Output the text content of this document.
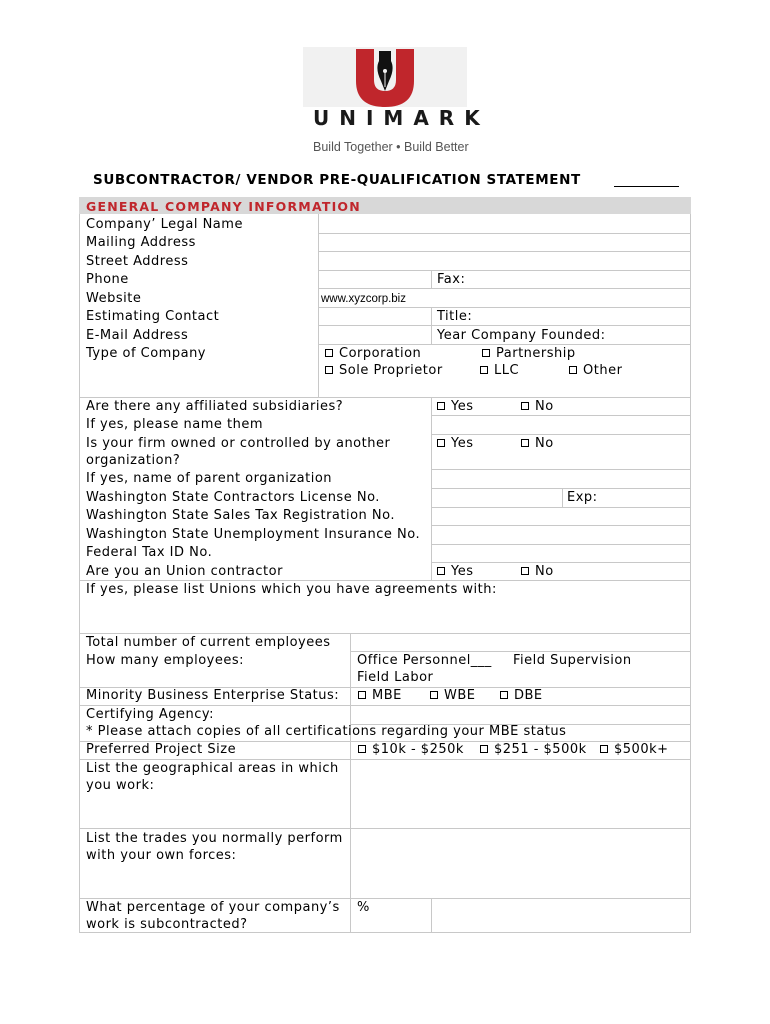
UNIMARK
Build Together • Build Better
SUBCONTRACTOR/ VENDOR PRE-QUALIFICATION STATEMENT
GENERAL COMPANY INFORMATION
Company’ Legal Name
Mailing Address
Street Address
Phone	Fax:
Website	www.xyzcorp.biz
Estimating Contact	Title:
E-Mail Address	Year Company Founded:
Type of Company	Corporation	Partnership
Sole Proprietor	LLC	Other
Are there any affiliated subsidiaries?	Yes	No
If yes, please name them
Is your firm owned or controlled by another
organization?
Yes	No
If yes, name of parent organization
Washington State Contractors License No.	Exp:
Washington State Sales Tax Registration No.
Washington State Unemployment Insurance No.
Federal Tax ID No.
Are you an Union contractor	Yes	No
If yes, please list Unions which you have agreements with:
Total number of current employees
How many employees:	Office Personnel___ Field Supervision
Field Labor
Minority Business Enterprise Status:	MBE	WBE	DBE
Certifying Agency:
* Please attach copies of all certifications regarding your MBE status
Preferred Project Size	$10k - $250k	$251 - $500k	$500k+
List the geographical areas in which
you work:
List the trades you normally perform
with your own forces:
What percentage of your company’s
work is subcontracted?
%
